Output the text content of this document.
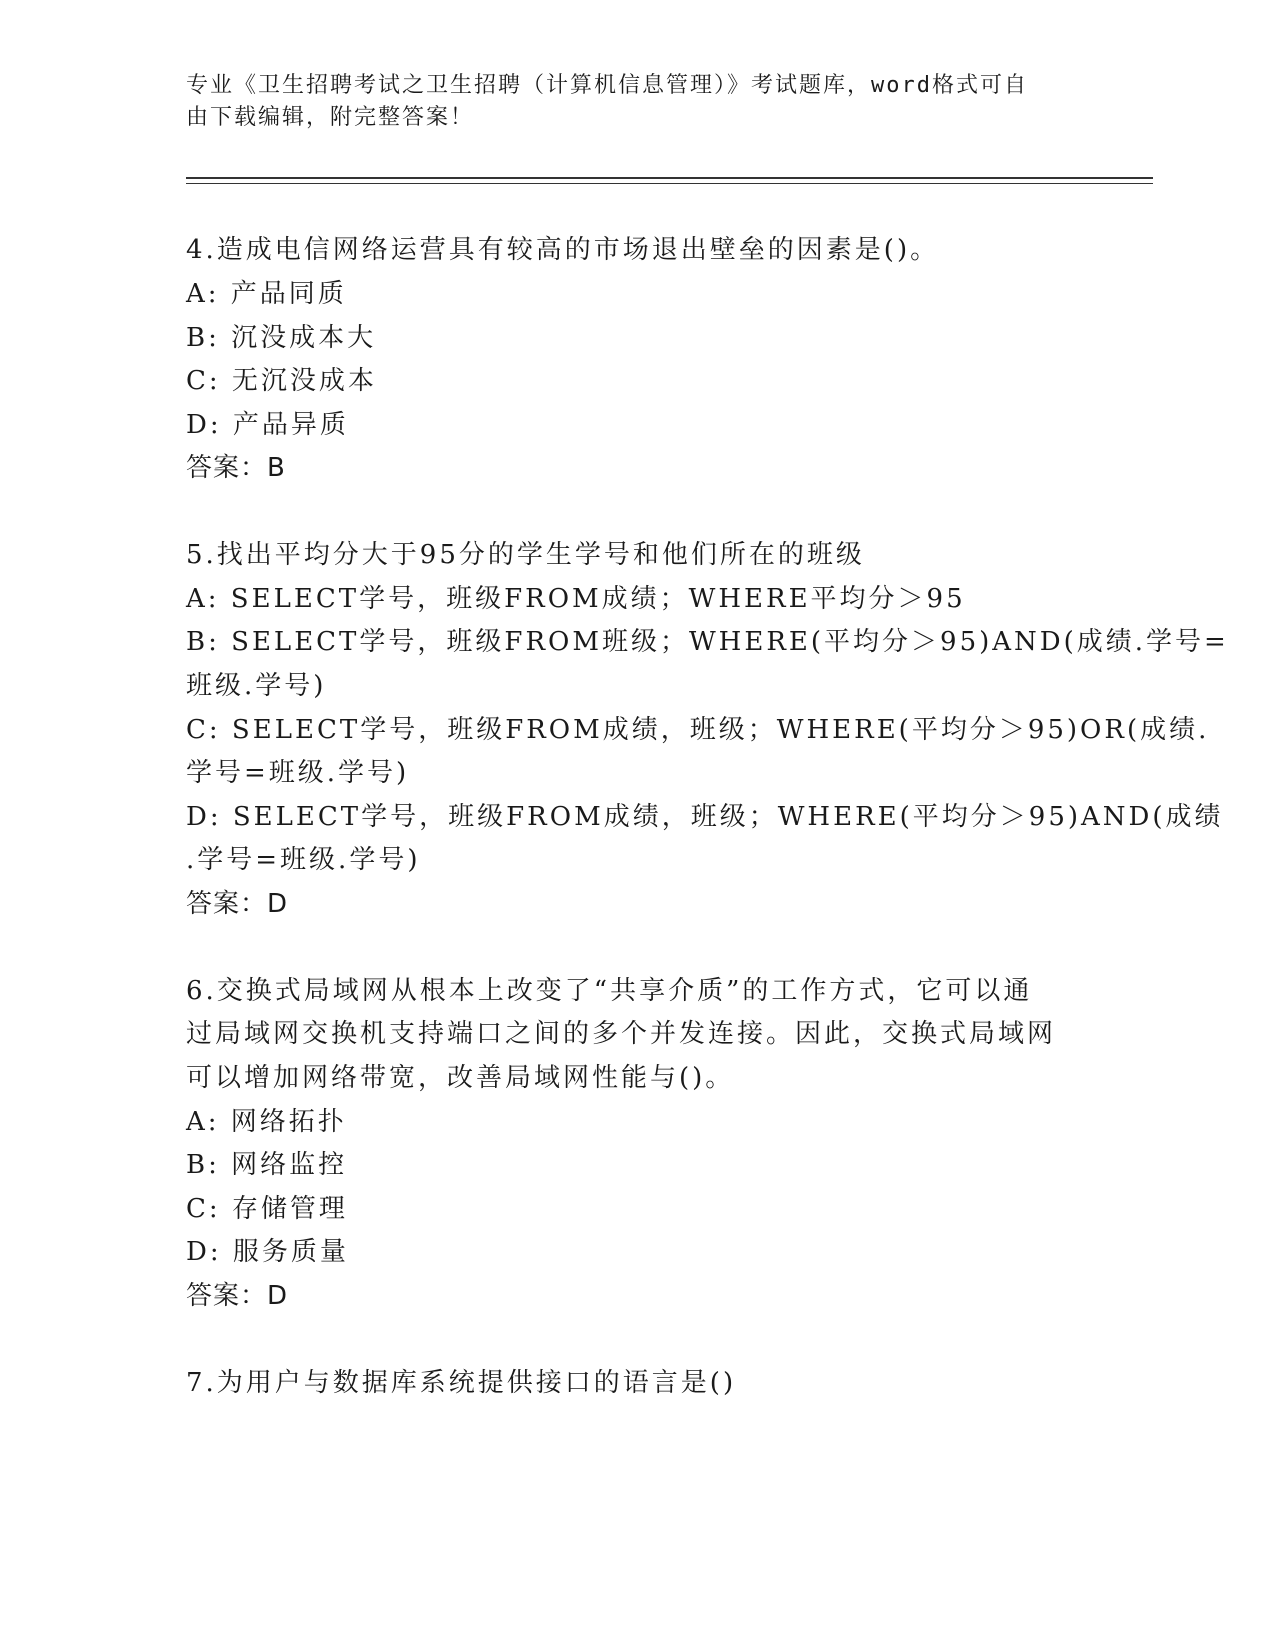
专业《卫生招聘考试之卫生招聘（计算机信息管理）》考试题库，word格式可自
由下载编辑，附完整答案！
4.造成电信网络运营具有较高的市场退出壁垒的因素是()。
A: 产品同质
B: 沉没成本大
C: 无沉没成本
D: 产品异质
答案：B
5.找出平均分大于95分的学生学号和他们所在的班级
A: SELECT学号，班级FROM成绩；WHERE平均分＞95
B: SELECT学号，班级FROM班级；WHERE(平均分＞95)AND(成绩.学号=
班级.学号)
C: SELECT学号，班级FROM成绩，班级；WHERE(平均分＞95)OR(成绩.
学号=班级.学号)
D: SELECT学号，班级FROM成绩，班级；WHERE(平均分＞95)AND(成绩
.学号=班级.学号)
答案：D
6.交换式局域网从根本上改变了“共享介质”的工作方式，它可以通
过局域网交换机支持端口之间的多个并发连接。因此，交换式局域网
可以增加网络带宽，改善局域网性能与()。
A: 网络拓扑
B: 网络监控
C: 存储管理
D: 服务质量
答案：D
7.为用户与数据库系统提供接口的语言是()
